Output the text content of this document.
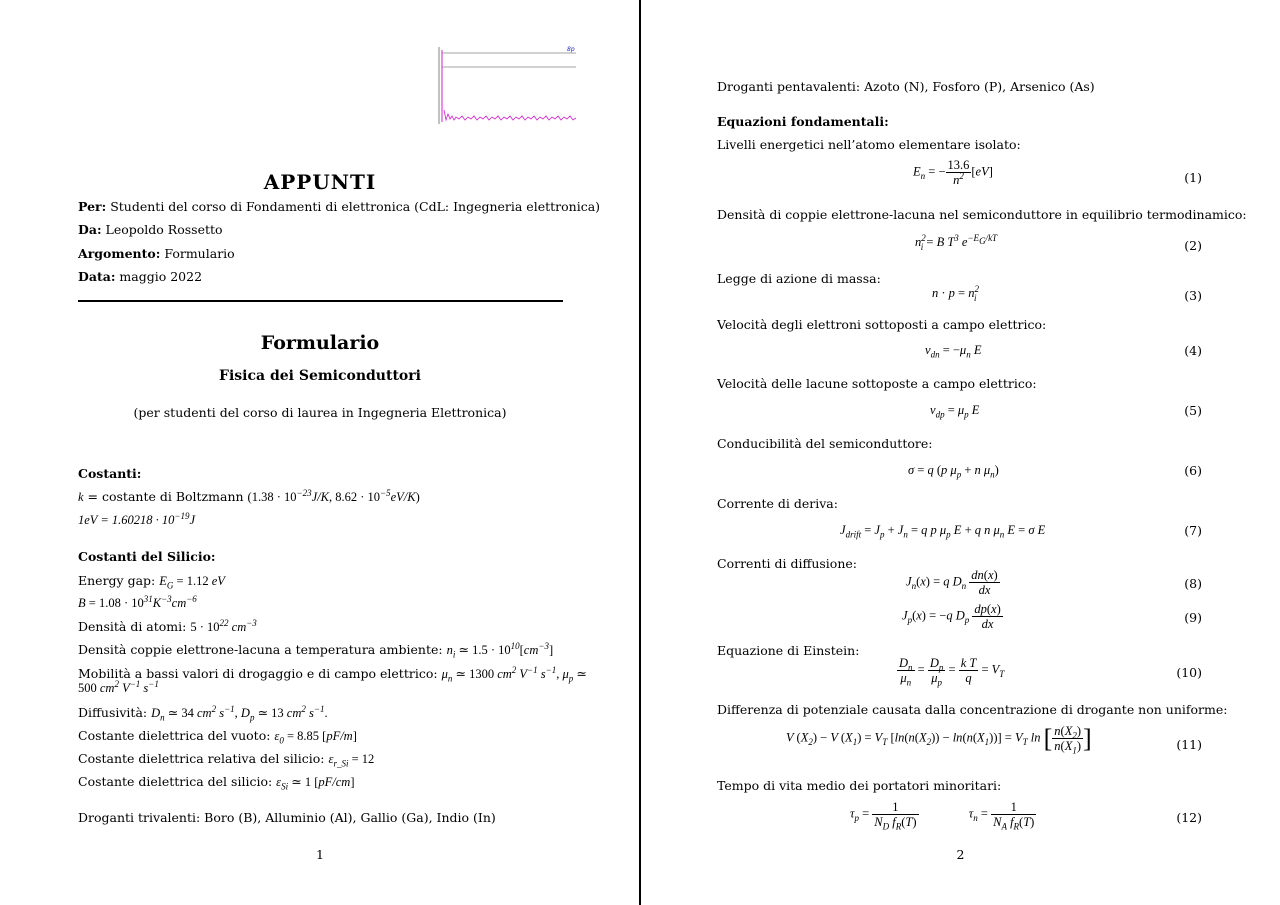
8p
APPUNTI
Per: Studenti del corso di Fondamenti di elettronica (CdL: Ingegneria elettronica)
Da: Leopoldo Rossetto
Argomento: Formulario
Data: maggio 2022
Formulario
Fisica dei Semiconduttori
(per studenti del corso di laurea in Ingegneria Elettronica)
Costanti:
k = costante di Boltzmann ($1.38 \cdot 10^{-23}J/K$, $8.62 \cdot 10^{-5}eV/K$)
$1eV = 1.60218 \cdot 10^{-19}J$
Costanti del Silicio:
Energy gap: $E_G = 1.12$ eV
$B = 1.08 \cdot 10^{31}K^{-3}cm^{-6}$
Densità di atomi: $5 \cdot 10^{22}$ $cm^{-3}$
Densità coppie elettrone-lacuna a temperatura ambiente: $n_i$ ≃ $1.5 \cdot 10^{10}[cm^{-3}]$
Mobilità a bassi valori di drogaggio e di campo elettrico: $\mu_n$ ≃ 1300 $cm^2$ $V^{-1}$ $s^{-1}$, $\mu_p$ ≃
500 $cm^2$ $V^{-1}$ $s^{-1}$
Diffusività: $D_n$ ≃ 34 $cm^2$ $s^{-1}$, $D_p$ ≃ 13 $cm^2$ $s^{-1}$.
Costante dielettrica del vuoto: $\varepsilon_0 = 8.85$ [pF/m]
Costante dielettrica relativa del silicio: $\varepsilon_{r\_Si} = 12$
Costante dielettrica del silicio: $\varepsilon_{Si}$ ≃ 1 [pF/cm]
Droganti trivalenti: Boro (B), Alluminio (Al), Gallio (Ga), Indio (In)
1
Droganti pentavalenti: Azoto (N), Fosforo (P), Arsenico (As)
Equazioni fondamentali:
Livelli energetici nell’atomo elementare isolato:
$E_n$ = − $\frac{13.6}{n^2} [eV]$	(1)
Densità di coppie elettrone-lacuna nel semiconduttore in equilibrio termodinamico:
$n^2_i = B$ $T^3$ $e^{-E_G/kT}$
(2)
Legge di azione di massa:
$n \cdot p = n^2_i$	(3)
Velocità degli elettroni sottoposti a campo elettrico:
$v_{dn} = -\mu_n$ E	(4)
Velocità delle lacune sottoposte a campo elettrico:
$v_{dp} = \mu_p$ E	(5)
Conducibilità del semiconduttore:
σ = q (p $\mu_p + n$ $\mu_n$)	(6)
Corrente di deriva:
$J_{drift} = J_p + J_n = q$ p $\mu_p$ E + q n $\mu_n$ E = σ E	(7)
Correnti di diffusione:
$J_n(x) = q$ $D_n \frac{dn(x)}{dx}$	(8)
$J_p(x) = -q$ $D_p \frac{dp(x)}{dx}$	(9)
Equazione di Einstein:
$\frac{D_n}{\mu_n} = \frac{D_p}{\mu_p} = \frac{\text{k T}}{q} = V_T$	(10)
Differenza di potenziale causata dalla concentrazione di drogante non uniforme:
V $(X_2) - V$ $(X_1) = V_T$ $[\ln(n(X_2)) - \ln(n(X_1))] = V_T$ ln [ $\frac{n(X_2)}{n(X_1)}$ ]	(11)
Tempo di vita medio dei portatori minoritari:
$\tau_p = \frac{1}{N_D f_R(T)}$	$\tau_n = \frac{1}{N_A f_R(T)}$	(12)
2
